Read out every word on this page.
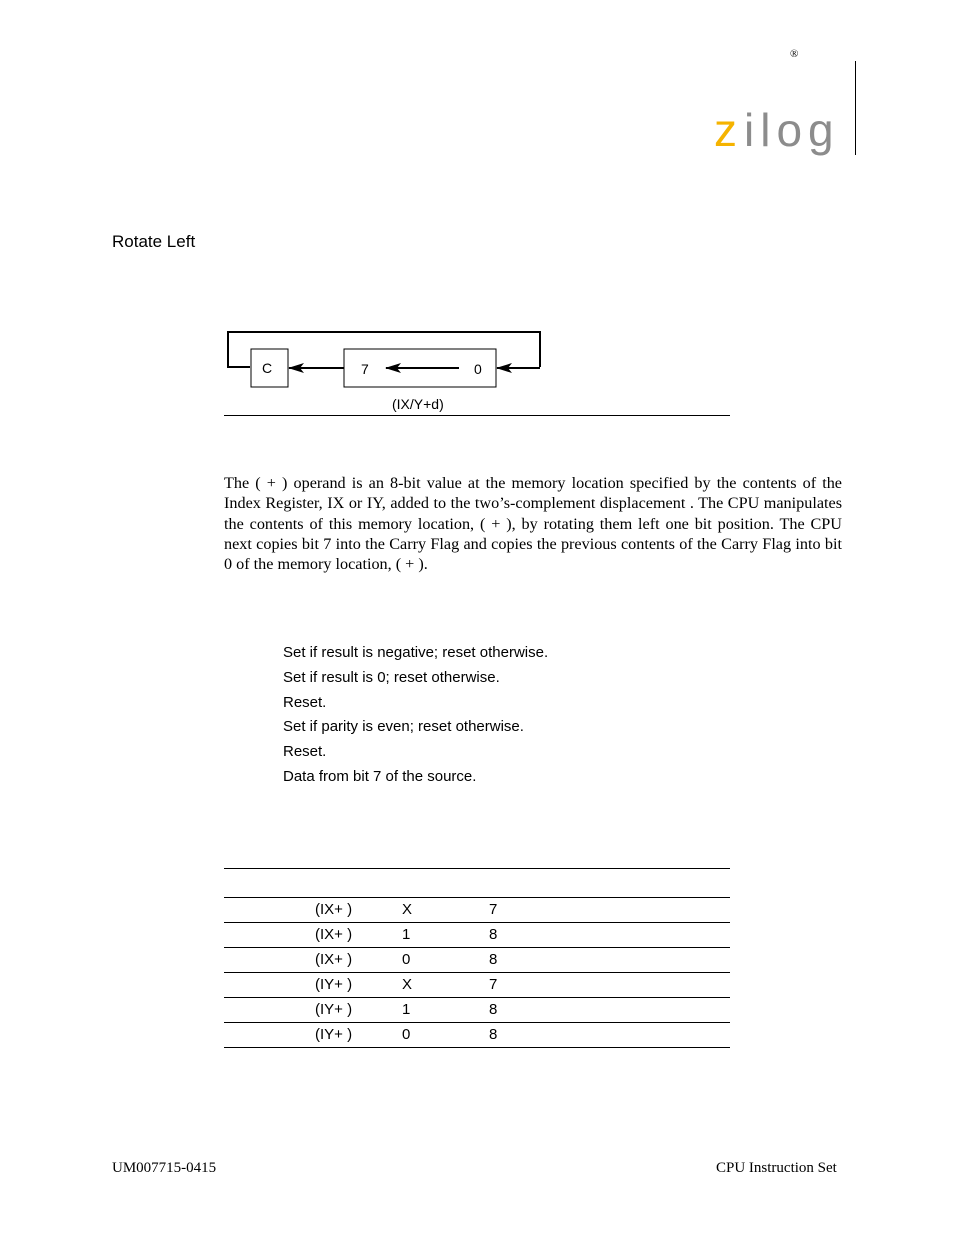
®
z ilog
Rotate Left
C	7	0
(IX/Y+d)
The ( + ) operand is an 8-bit value at the memory location specified by the contents of the Index Register, IX or IY, added to the two’s-complement displacement . The CPU manipulates the contents of this memory location, ( + ), by rotating them left one bit position. The CPU next copies bit 7 into the Carry Flag and copies the previous contents of the Carry Flag into bit 0 of the memory location, ( + ).
Set if result is negative; reset otherwise.
Set if result is 0; reset otherwise.
Reset.
Set if parity is even; reset otherwise.
Reset.
Data from bit 7 of the source.
(IX+ )	X	7
(IX+ )	1	8
(IX+ )	0	8
(IY+ )	X	7
(IY+ )	1	8
(IY+ )	0	8
UM007715-0415	CPU Instruction Set
